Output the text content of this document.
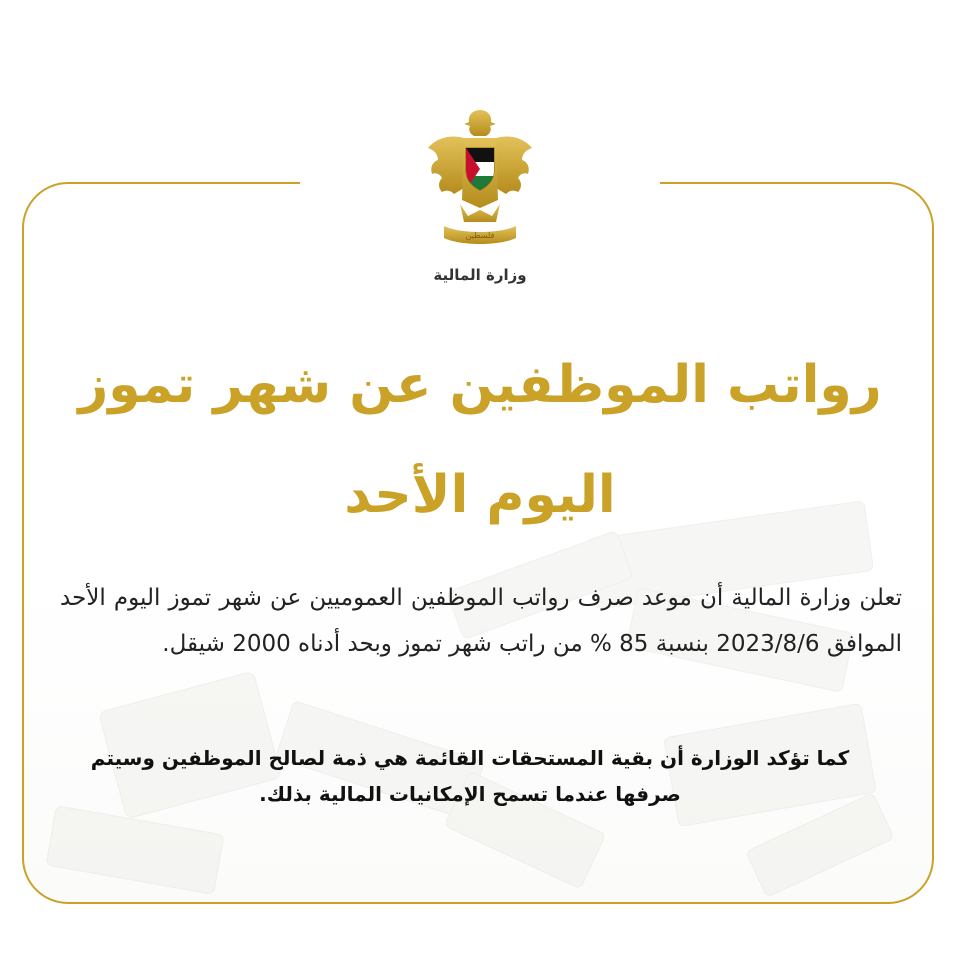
فلسطين
وزارة المالية
رواتب الموظفين عن شهر تموز
اليوم الأحد

تعلن وزارة المالية أن موعد صرف رواتب الموظفين العموميين عن شهر تموز اليوم الأحد الموافق 2023/8/6 بنسبة 85 % من راتب شهر تموز وبحد أدناه 2000 شيقل.

كما تؤكد الوزارة أن بقية المستحقات القائمة هي ذمة لصالح الموظفين وسيتم صرفها عندما تسمح الإمكانيات المالية بذلك.
